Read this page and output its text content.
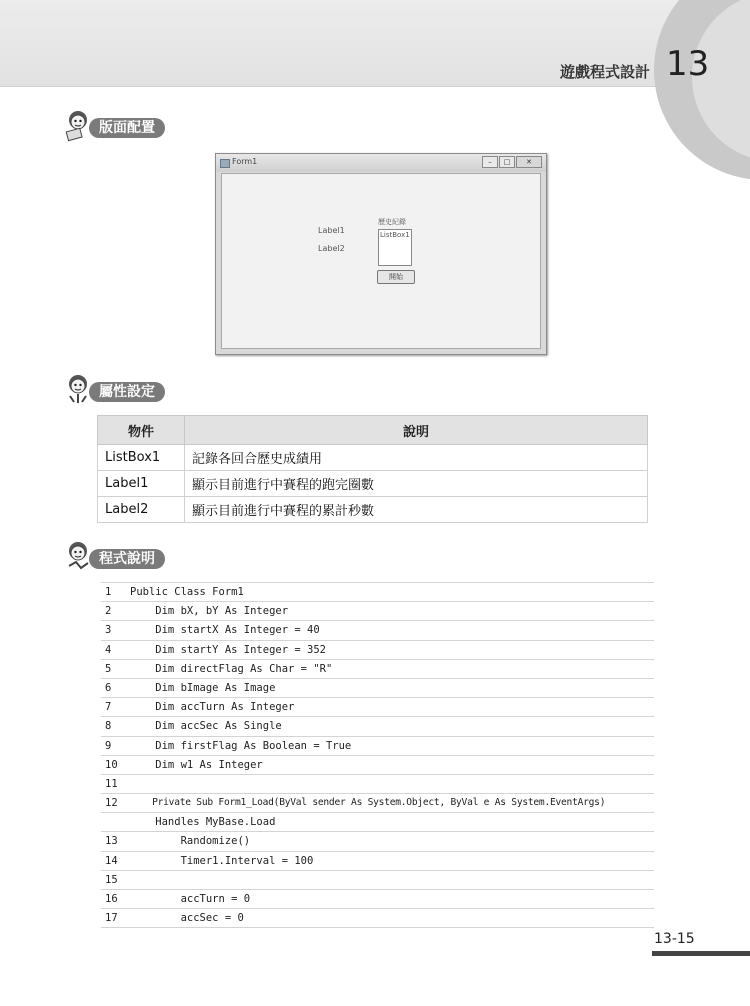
遊戲程式設計 13
版面配置
Form1	–	□	✕
Label1
Label2
歷史紀錄
ListBox1
開始
屬性設定
物件	說明
ListBox1	記錄各回合歷史成績用
Label1	顯示目前進行中賽程的跑完圈數
Label2	顯示目前進行中賽程的累計秒數
程式說明
1	Public Class Form1
2	Dim bX, bY As Integer
3	Dim startX As Integer = 40
4	Dim startY As Integer = 352
5	Dim directFlag As Char = "R"
6	Dim bImage As Image
7	Dim accTurn As Integer
8	Dim accSec As Single
9	Dim firstFlag As Boolean = True
10	Dim w1 As Integer
11
12	Private Sub Form1_Load(ByVal sender As System.Object, ByVal e As System.EventArgs)
Handles MyBase.Load
13	Randomize()
14	Timer1.Interval = 100
15
16	accTurn = 0
17	accSec = 0
13-15
